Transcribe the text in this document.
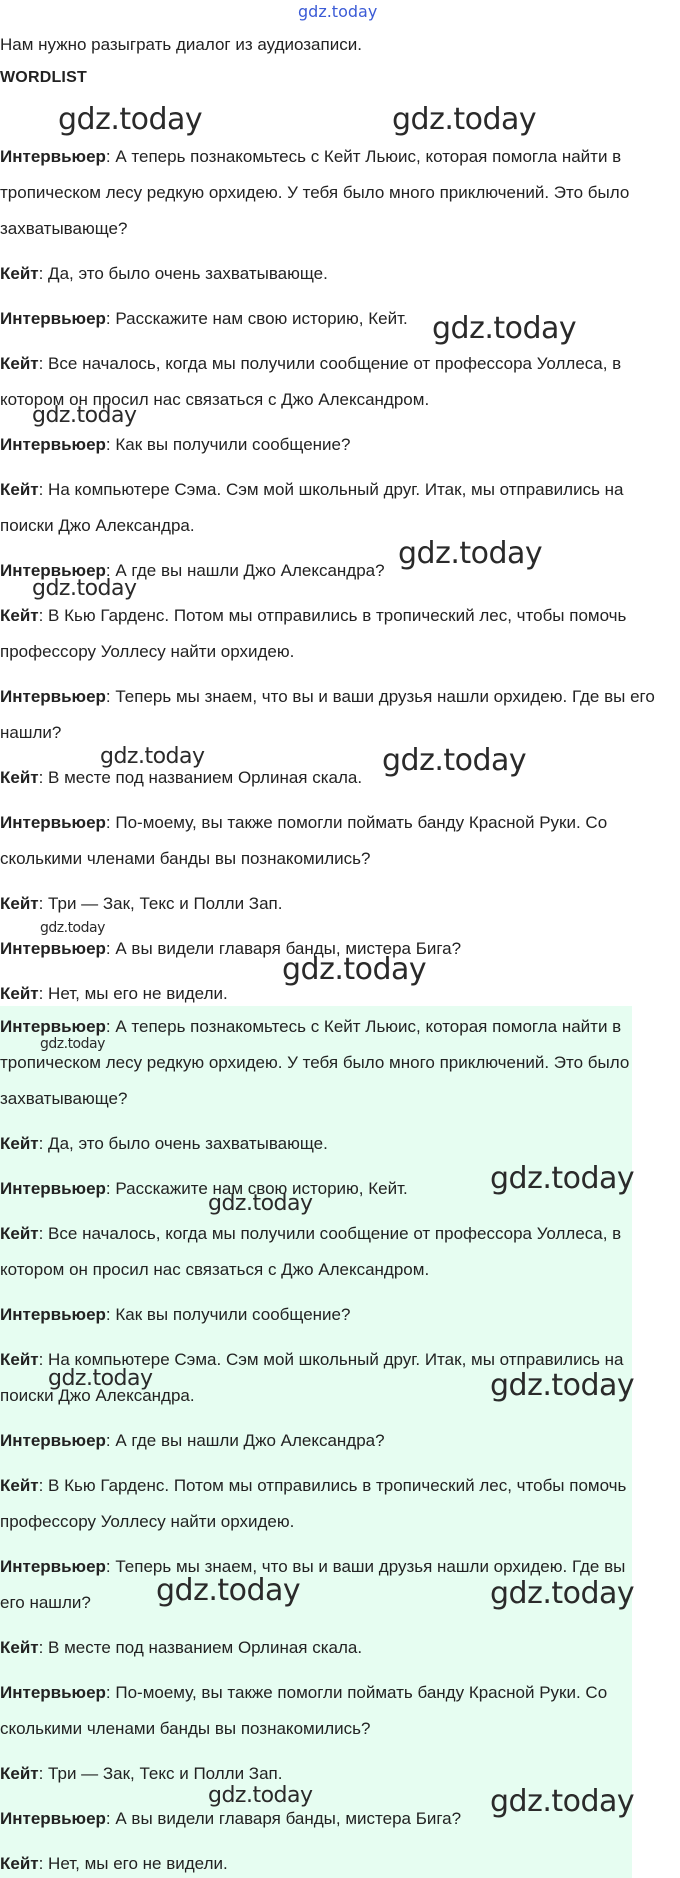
gdz.today
Нам нужно разыграть диалог из аудиозаписи.
WORDLIST

Интервьюер: А теперь познакомьтесь с Кейт Льюис, которая помогла найти в тропическом лесу редкую орхидею. У тебя было много приключений. Это было захватывающе?

Кейт: Да, это было очень захватывающе.

Интервьюер: Расскажите нам свою историю, Кейт.

Кейт: Все началось, когда мы получили сообщение от профессора Уоллеса, в котором он просил нас связаться с Джо Александром.

Интервьюер: Как вы получили сообщение?

Кейт: На компьютере Сэма. Сэм мой школьный друг. Итак, мы отправились на поиски Джо Александра.

Интервьюер: А где вы нашли Джо Александра?

Кейт: В Кью Гарденс. Потом мы отправились в тропический лес, чтобы помочь профессору Уоллесу найти орхидею.

Интервьюер: Теперь мы знаем, что вы и ваши друзья нашли орхидею. Где вы его нашли?

Кейт: В месте под названием Орлиная скала.

Интервьюер: По-моему, вы также помогли поймать банду Красной Руки. Со сколькими членами банды вы познакомились?

Кейт: Три — Зак, Текс и Полли Зап.

Интервьюер: А вы видели главаря банды, мистера Бига?

Кейт: Нет, мы его не видели.

Интервьюер: А теперь познакомьтесь с Кейт Льюис, которая помогла найти в тропическом лесу редкую орхидею. У тебя было много приключений. Это было захватывающе?

Кейт: Да, это было очень захватывающе.

Интервьюер: Расскажите нам свою историю, Кейт.

Кейт: Все началось, когда мы получили сообщение от профессора Уоллеса, в котором он просил нас связаться с Джо Александром.

Интервьюер: Как вы получили сообщение?

Кейт: На компьютере Сэма. Сэм мой школьный друг. Итак, мы отправились на поиски Джо Александра.

Интервьюер: А где вы нашли Джо Александра?

Кейт: В Кью Гарденс. Потом мы отправились в тропический лес, чтобы помочь профессору Уоллесу найти орхидею.

Интервьюер: Теперь мы знаем, что вы и ваши друзья нашли орхидею. Где вы его нашли?

Кейт: В месте под названием Орлиная скала.

Интервьюер: По-моему, вы также помогли поймать банду Красной Руки. Со сколькими членами банды вы познакомились?

Кейт: Три — Зак, Текс и Полли Зап.

Интервьюер: А вы видели главаря банды, мистера Бига?

Кейт: Нет, мы его не видели.

gdz.today	gdz.today
gdz.today
gdz.today
gdz.today
gdz.today
gdz.today	gdz.today
gdz.today
gdz.today
gdz.today
gdz.today
gdz.today
gdz.today	gdz.today
gdz.today	gdz.today
gdz.today	gdz.today
